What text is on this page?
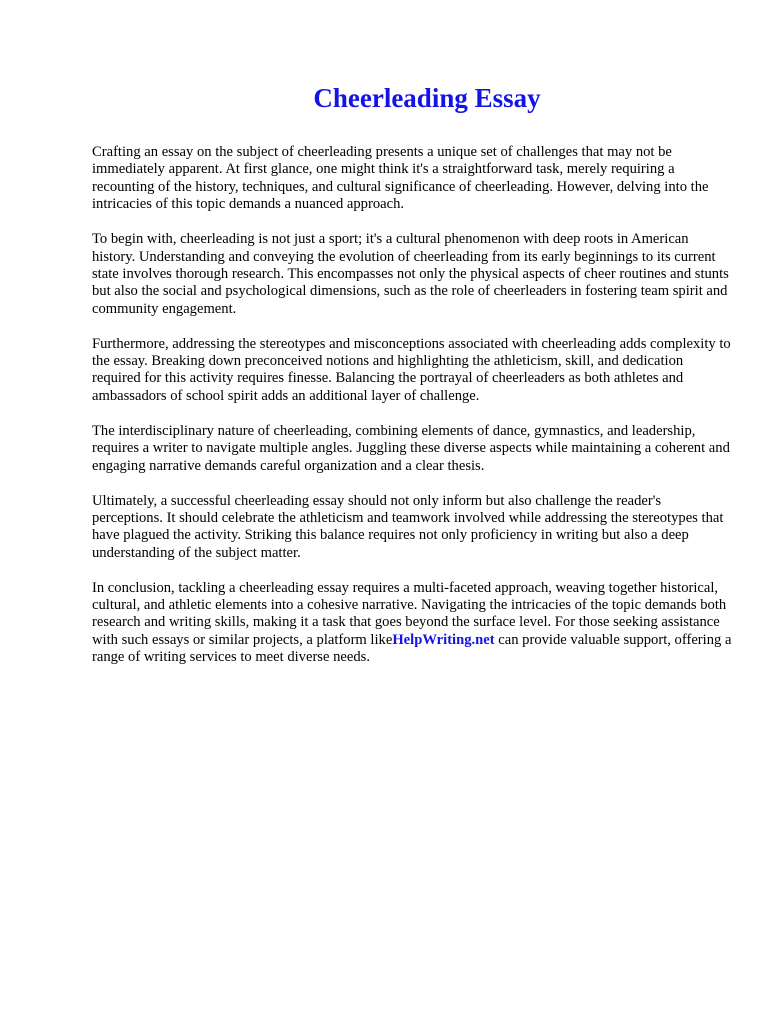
Cheerleading Essay

Crafting an essay on the subject of cheerleading presents a unique set of challenges that may not be immediately apparent. At first glance, one might think it's a straightforward task, merely requiring a recounting of the history, techniques, and cultural significance of cheerleading. However, delving into the intricacies of this topic demands a nuanced approach.

To begin with, cheerleading is not just a sport; it's a cultural phenomenon with deep roots in American history. Understanding and conveying the evolution of cheerleading from its early beginnings to its current state involves thorough research. This encompasses not only the physical aspects of cheer routines and stunts but also the social and psychological dimensions, such as the role of cheerleaders in fostering team spirit and community engagement.

Furthermore, addressing the stereotypes and misconceptions associated with cheerleading adds complexity to the essay. Breaking down preconceived notions and highlighting the athleticism, skill, and dedication required for this activity requires finesse. Balancing the portrayal of cheerleaders as both athletes and ambassadors of school spirit adds an additional layer of challenge.

The interdisciplinary nature of cheerleading, combining elements of dance, gymnastics, and leadership, requires a writer to navigate multiple angles. Juggling these diverse aspects while maintaining a coherent and engaging narrative demands careful organization and a clear thesis.

Ultimately, a successful cheerleading essay should not only inform but also challenge the reader's perceptions. It should celebrate the athleticism and teamwork involved while addressing the stereotypes that have plagued the activity. Striking this balance requires not only proficiency in writing but also a deep understanding of the subject matter.

In conclusion, tackling a cheerleading essay requires a multi-faceted approach, weaving together historical, cultural, and athletic elements into a cohesive narrative. Navigating the intricacies of the topic demands both research and writing skills, making it a task that goes beyond the surface level. For those seeking assistance with such essays or similar projects, a platform likeHelpWriting.net can provide valuable support, offering a range of writing services to meet diverse needs.
